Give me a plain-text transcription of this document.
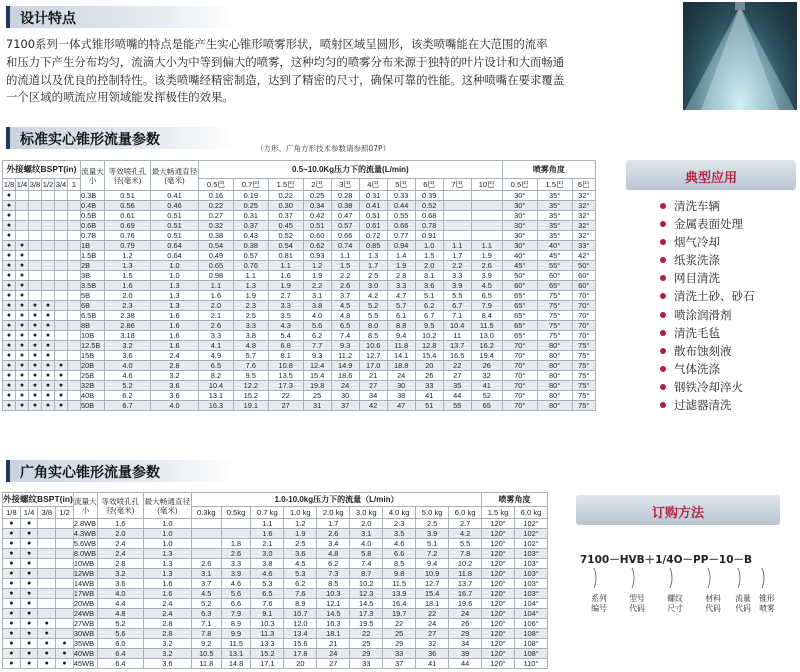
设计特点
7100系列一体式锥形喷嘴的特点是能产生实心锥形喷雾形状，喷射区域呈圆形，该类喷嘴能在大范围的流率
和压力下产生分布均匀，流滴大小为中等到偏大的喷雾，这种均匀的喷雾分布来源于独特的叶片设计和大而畅通
的流道以及优良的控制特性。该类喷嘴经精密制造，达到了精密的尺寸，确保可靠的性能。这种喷嘴在要求覆盖
一个区域的喷流应用领域能发挥极佳的效果。
标准实心锥形流量参数
（方形、广角方形技术参数请参照07P）
外接螺纹BSPT(in)						流量大小	等效喷孔孔径(毫米)	最大畅通直径(毫米)	0.5~10.0Kg压力下的流量(L/min)										喷雾角度		
1/8	1/4	3/8	1/2	3/4	1				0.5巴	0.7巴	1.5巴	2巴	3巴	4巴	5巴	6巴	7巴	10巴	0.5巴	1.5巴	6巴
●						0.3B	0.51	0.41	0.16	0.19	0.22	0.25	0.28	0.31	0.33	0.39			30°	35°	32°
●						0.4B	0.56	0.46	0.22	0.25	0.30	0.34	0.38	0.41	0.44	0.52			30°	35°	32°
●						0.5B	0.61	0.51	0.27	0.31	0.37	0.42	0.47	0.51	0.55	0.68			30°	35°	32°
●						0.6B	0.69	0.51	0.32	0.37	0.45	0.51	0.57	0.61	0.66	0.78			30°	35°	32°
●						0.7B	0.76	0.51	0.38	0.43	0.52	0.60	0.66	0.72	0.77	0.91			30°	35°	32°
●	●					1B	0.79	0.64	0.54	0.38	0.54	0.62	0.74	0.85	0.94	1.0	1.1	1.1	30°	40°	33°
●	●					1.5B	1.2	0.64	0.49	0.57	0.81	0.93	1.1	1.3	1.4	1.5	1.7	1.9	40°	45°	42°
●	●					2B	1.3	1.0	0.65	0.76	1.1	1.2	1.5	1.7	1.9	2.0	2.2	2.6	45°	55°	50°
●	●					3B	1.5	1.0	0.98	1.1	1.6	1.9	2.2	2.5	2.8	3.1	3.3	3.9	50°	60°	60°
●	●					3.5B	1.6	1.3	1.1	1.3	1.9	2.2	2.6	3.0	3.3	3.6	3.9	4.5	60°	65°	60°
●	●					5B	2.0	1.3	1.6	1.9	2.7	3.1	3.7	4.2	4.7	5.1	5.5	6.5	65°	75°	70°
●	●	●	●			6B	2.3	1.3	2.0	2.3	3.3	3.8	4.5	5.2	5.7	6.2	6.7	7.9	65°	75°	70°
●	●	●	●			6.5B	2.38	1.6	2.1	2.5	3.5	4.0	4.8	5.5	6.1	6.7	7.1	8.4	65°	75°	70°
●	●	●	●			8B	2.86	1.6	2.6	3.3	4.3	5.6	6.5	8.0	8.8	9.5	10.4	11.5	65°	75°	70°
●	●	●	●			10B	3.18	1.6	3.3	3.8	5.4	6.2	7.4	8.5	9.4	10.2	11	13.0	65°	75°	70°
●	●	●	●			12.5B	3.2	1.6	4.1	4.8	6.8	7.7	9.3	10.6	11.8	12.8	13.7	16.2	70°	80°	75°
●	●	●	●			15B	3.6	2.4	4.9	5.7	8.1	9.3	11.2	12.7	14.1	15.4	16.5	19.4	70°	80°	75°
●	●	●	●	●		20B	4.0	2.8	6.5	7.6	10.8	12.4	14.9	17.0	18.8	20	22	26	70°	80°	75°
●	●	●	●	●		25B	4.6	3.2	8.2	9.5	13.5	15.4	18.6	21	24	26	27	32	70°	80°	75°
●	●	●	●	●		32B	5.2	3.6	10.4	12.2	17.3	19.8	24	27	30	33	35	41	70°	80°	75°
●	●	●	●	●		40B	6.2	3.6	13.1	15.2	22	25	30	34	38	41	44	52	70°	80°	75°
●	●	●	●	●		50B	6.7	4.0	16.3	19.1	27	31	37	42	47	51	55	65	70°	80°	75°
典型应用
清洗车辆
金属表面处理
烟气冷却
纸浆洗涤
网目清洗
清洗土砂、砂石
喷涂润滑剂
清洗毛毡
散布蚀刻液
气体洗涤
钢铁冷却淬火
过滤器清洗
广角实心锥形流量参数
外接螺纹BSPT(in)				流量大小	等效喷孔孔径(毫米)	最大畅通直径(毫米)	1.0-10.0kg压力下的流量（L/min）									喷雾角度	
1/8	1/4	3/8	1/2				0.3kg	0.5kg	0.7 kg	1.0 kg	2.0 kg	3.0 kg	4.0 kg	5.0 kg	6.0 kg	1.5 kg	6.0 kg
●	●			2.8WB	1.6	1.0			1.1	1.2	1.7	2.0	2.3	2.5	2.7	120°	102°
●	●			4.3WB	2.0	1.0			1.6	1.9	2.6	3.1	3.5	3.9	4.2	120°	102°
●	●			5.6WB	2.4	1.0		1.8	2.1	2.5	3.4	4.0	4.6	5.1	5.5	120°	102°
●	●			8.0WB	2.4	1.3		2.6	3.0	3.6	4.8	5.8	6.6	7.2	7.8	120°	103°
●	●			10WB	2.8	1.3	2.6	3.3	3.8	4.5	6.2	7.4	8.5	9.4	10.2	120°	103°
●	●			12WB	3.2	1.3	3.1	3.9	4.6	5.3	7.3	8.7	9.8	10.9	11.8	120°	103°
●	●			14WB	3.6	1.6	3.7	4.6	5.3	6.2	8.5	10.2	11.5	12.7	13.7	120°	103°
●	●			17WB	4.0	1.6	4.5	5.6	6.5	7.6	10.3	12.3	13.9	15.4	16.7	120°	103°
●	●			20WB	4.4	2.4	5.2	6.6	7.6	8.9	12.1	14.5	16.4	18.1	19.6	120°	104°
●	●			24WB	4.8	2.4	6.3	7.9	9.1	10.7	14.5	17.3	19.7	22	24	120°	104°
●	●	●		27WB	5.2	2.8	7.1	8.9	10.3	12.0	16.3	19.5	22	24	26	120°	106°
●	●	●		30WB	5.6	2.8	7.8	9.9	11.3	13.4	18.1	22	25	27	29	120°	108°
●	●	●	●	35WB	6.0	3.2	9.2	11.5	13.3	15.6	21	25	29	32	34	120°	108°
●	●	●	●	40WB	6.4	3.2	10.5	13.1	15.2	17.8	24	29	33	36	39	120°	108°
●	●	●	●	45WB	6.4	3.6	11.8	14.8	17.1	20	27	33	37	41	44	120°	110°
订购方法
7100－HVB＋1/4O－PP－10－B
系列编号
型号代码
螺纹尺寸
材料代码
流量代码
锥形喷雾
